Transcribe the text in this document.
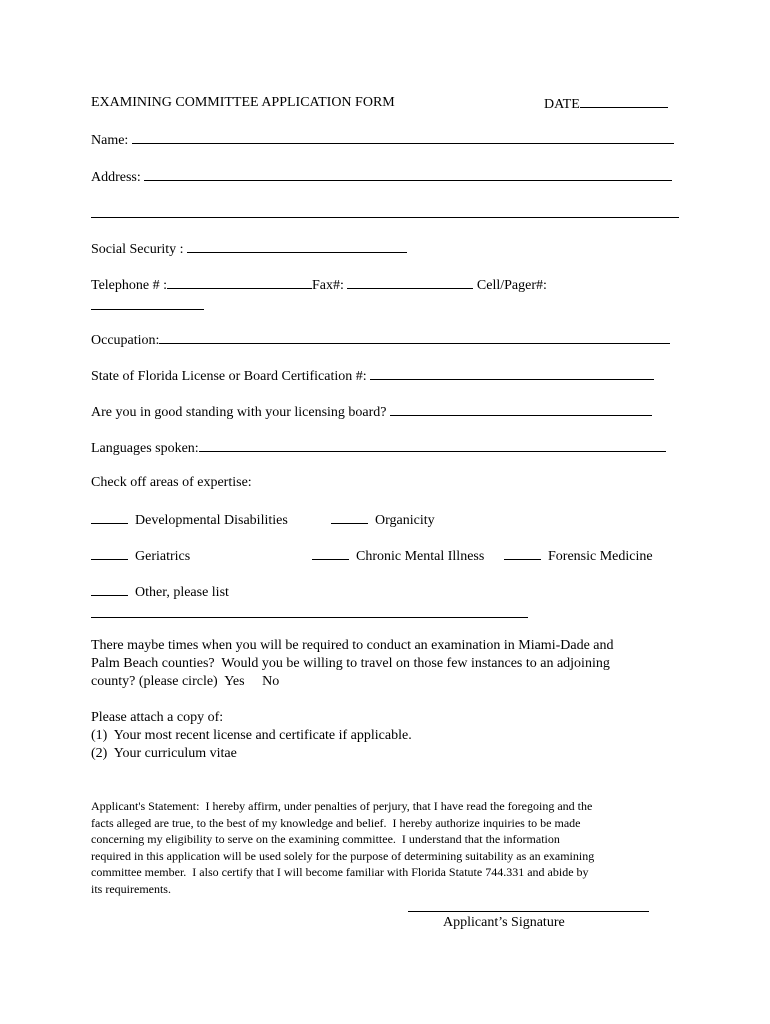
EXAMINING COMMITTEE APPLICATION FORM	DATE
Name:
Address:
Social Security :
Telephone # :	Fax#:	Cell/Pager#:
Occupation:
State of Florida License or Board Certification #:
Are you in good standing with your licensing board?
Languages spoken:
Check off areas of expertise:
Developmental Disabilities	Organicity
Geriatrics	Chronic Mental Illness	Forensic Medicine
Other, please list
There maybe times when you will be required to conduct an examination in Miami-Dade and
Palm Beach counties?  Would you be willing to travel on those few instances to an adjoining
county? (please circle) Yes No
Please attach a copy of:
(1)  Your most recent license and certificate if applicable.
(2)  Your curriculum vitae
Applicant's Statement:  I hereby affirm, under penalties of perjury, that I have read the foregoing and the
facts alleged are true, to the best of my knowledge and belief.  I hereby authorize inquiries to be made
concerning my eligibility to serve on the examining committee.  I understand that the information
required in this application will be used solely for the purpose of determining suitability as an examining
committee member.  I also certify that I will become familiar with Florida Statute 744.331 and abide by
its requirements.
Applicant’s Signature
